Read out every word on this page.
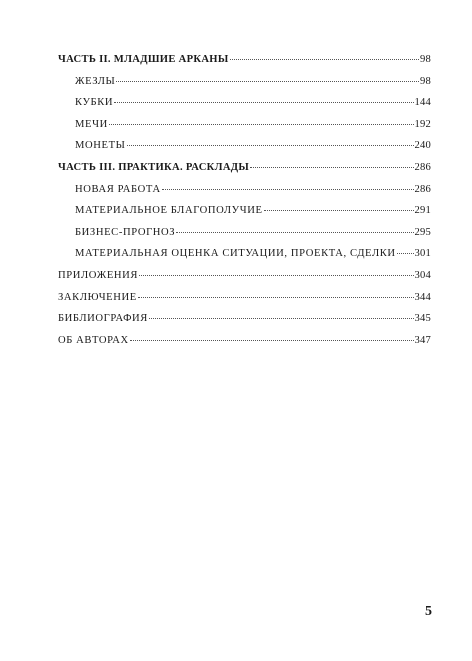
ЧАСТЬ II. МЛАДШИЕ АРКАНЫ	98
ЖЕЗЛЫ	98
КУБКИ	144
МЕЧИ	192
МОНЕТЫ	240
ЧАСТЬ III. ПРАКТИКА. РАСКЛАДЫ	286
НОВАЯ РАБОТА	286
МАТЕРИАЛЬНОЕ БЛАГОПОЛУЧИЕ	291
БИЗНЕС-ПРОГНОЗ	295
МАТЕРИАЛЬНАЯ ОЦЕНКА СИТУАЦИИ, ПРОЕКТА, СДЕЛКИ 301
ПРИЛОЖЕНИЯ	304
ЗАКЛЮЧЕНИЕ	344
БИБЛИОГРАФИЯ	345
ОБ АВТОРАХ	347
5
